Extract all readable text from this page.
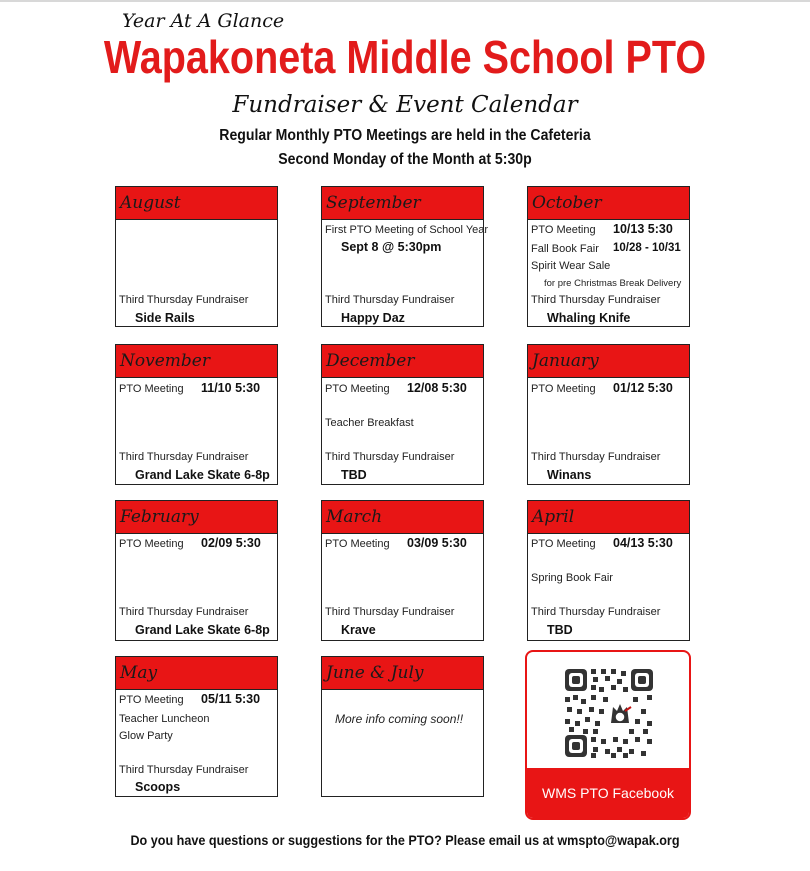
Year At A Glance
Wapakoneta Middle School PTO
Fundraiser & Event Calendar
Regular Monthly PTO Meetings are held in the Cafeteria
Second Monday of the Month at 5:30p
August
Third Thursday Fundraiser
Side Rails
September
First PTO Meeting of School Year
Sept 8 @ 5:30pm
Third Thursday Fundraiser
Happy Daz
October
PTO Meeting 10/13 5:30
Fall Book Fair 10/28 - 10/31
Spirit Wear Sale
for pre Christmas Break Delivery
Third Thursday Fundraiser
Whaling Knife
November
PTO Meeting 11/10 5:30
Third Thursday Fundraiser
Grand Lake Skate 6-8p
December
PTO Meeting 12/08 5:30
Teacher Breakfast
Third Thursday Fundraiser
TBD
January
PTO Meeting 01/12 5:30
Third Thursday Fundraiser
Winans
February
PTO Meeting 02/09 5:30
Third Thursday Fundraiser
Grand Lake Skate 6-8p
March
PTO Meeting 03/09 5:30
Third Thursday Fundraiser
Krave
April
PTO Meeting 04/13 5:30
Spring Book Fair
Third Thursday Fundraiser
TBD
May
PTO Meeting 05/11 5:30
Teacher Luncheon
Glow Party
Third Thursday Fundraiser
Scoops
June & July
More info coming soon!!
WMS PTO Facebook
Do you have questions or suggestions for the PTO? Please email us at wmspto@wapak.org
